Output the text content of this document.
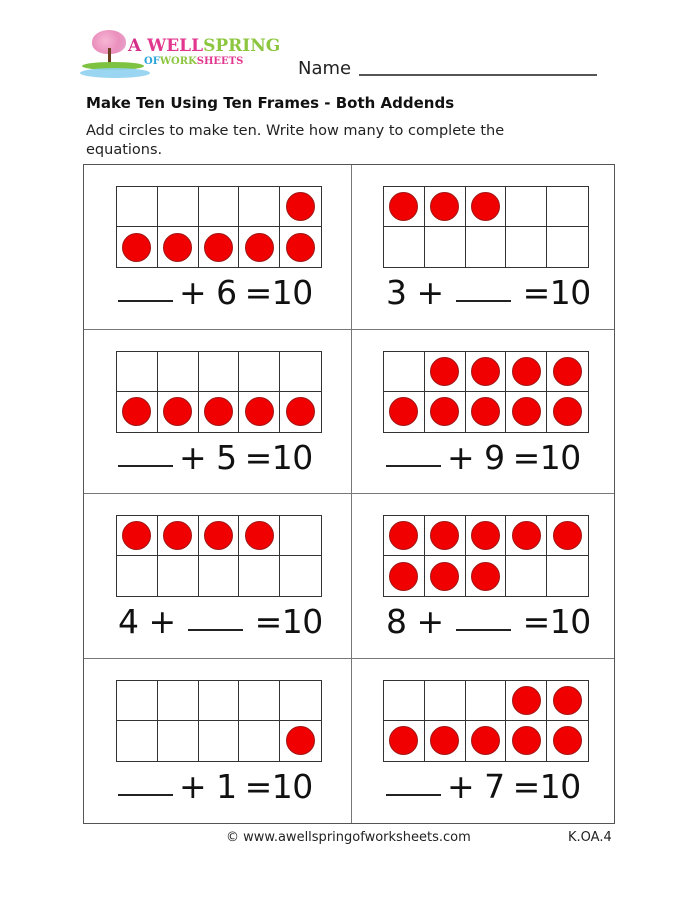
A WELLSPRING
OFWORKSHEETS	Name
Make Ten Using Ten Frames - Both Addends
Add circles to make ten. Write how many to complete the equations.
+ 6 =10 3 + =10
+ 5 =10	+ 9 =10
4 + =10 8 + =10
+ 1 =10	+ 7 =10
© www.awellspringofworksheets.com	K.OA.4
